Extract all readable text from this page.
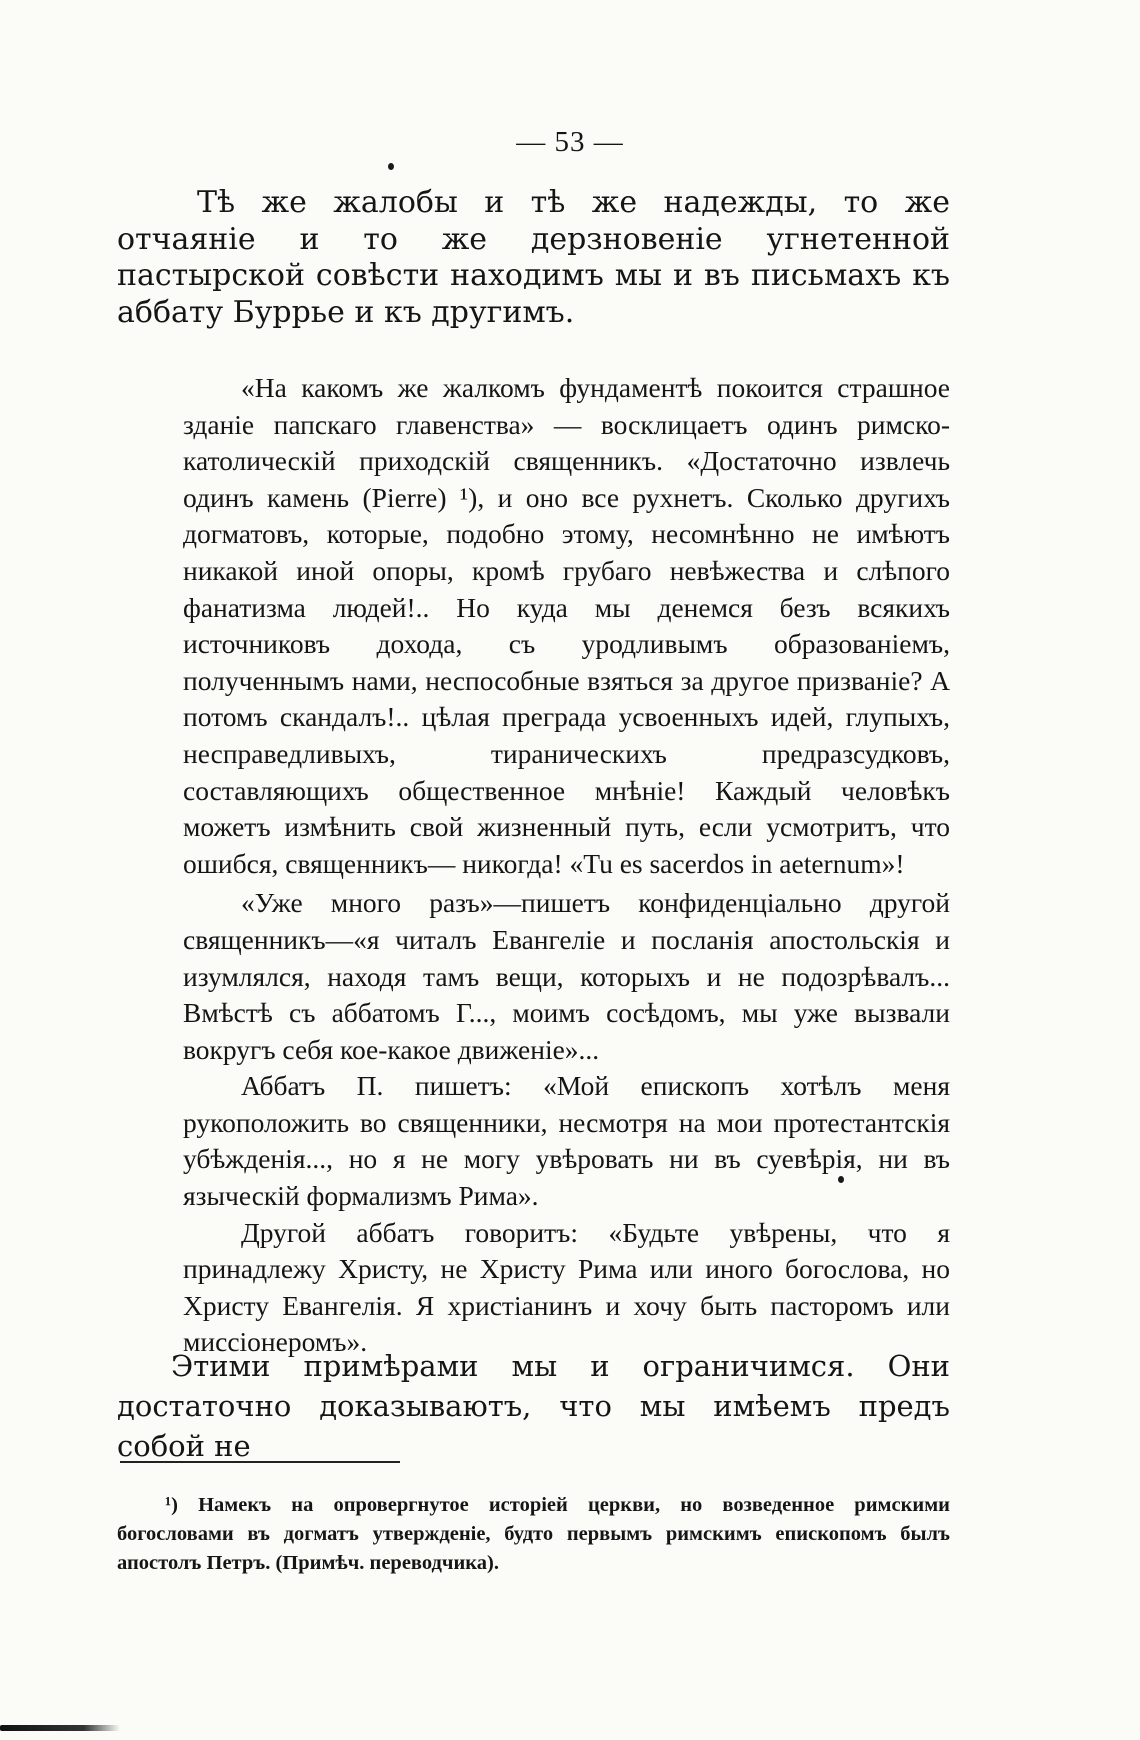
— 53 —

Тѣ же жалобы и тѣ же надежды, то же отчаяніе и то же дерзновеніе угнетенной пастырской совѣсти находимъ мы и въ письмахъ къ аббату Буррье и къ другимъ.

«На какомъ же жалкомъ фундаментѣ покоится страшное зданіе папскаго главенства» — восклицаетъ одинъ римско-католическій приходскій священникъ. «Достаточно извлечь одинъ камень (Pierre) ¹), и оно все рухнетъ. Сколько другихъ догматовъ, которые, подобно этому, несомнѣнно не имѣютъ никакой иной опоры, кромѣ грубаго невѣжества и слѣпого фанатизма людей!.. Но куда мы денемся безъ всякихъ источниковъ дохода, съ уродливымъ образованіемъ, полученнымъ нами, неспособные взяться за другое призваніе? А потомъ скандалъ!.. цѣлая преграда усвоенныхъ идей, глупыхъ, несправедливыхъ, тираническихъ предразсудковъ, составляющихъ общественное мнѣніе! Каждый человѣкъ можетъ измѣнить свой жизненный путь, если усмотритъ, что ошибся, священникъ— никогда! «Tu es sacerdos in aeternum»!

«Уже много разъ»—пишетъ конфиденціально другой священникъ—«я читалъ Евангеліе и посланія апостольскія и изумлялся, находя тамъ вещи, которыхъ и не подозрѣвалъ... Вмѣстѣ съ аббатомъ Г..., моимъ сосѣдомъ, мы уже вызвали вокругъ себя кое-какое движеніе»...

Аббатъ П. пишетъ: «Мой епископъ хотѣлъ меня рукоположить во священники, несмотря на мои протестантскія убѣжденія..., но я не могу увѣровать ни въ суевѣрія, ни въ языческій формализмъ Рима».

Другой аббатъ говоритъ: «Будьте увѣрены, что я принадлежу Христу, не Христу Рима или иного богослова, но Христу Евангелія. Я христіанинъ и хочу быть пасторомъ или миссіонеромъ».

Этими примѣрами мы и ограничимся. Они достаточно доказываютъ, что мы имѣемъ предъ собой не

¹) Намекъ на опровергнутое исторіей церкви, но возведенное римскими богословами въ догматъ утвержденіе, будто первымъ римскимъ епископомъ былъ апостолъ Петръ. (Примѣч. переводчика).
